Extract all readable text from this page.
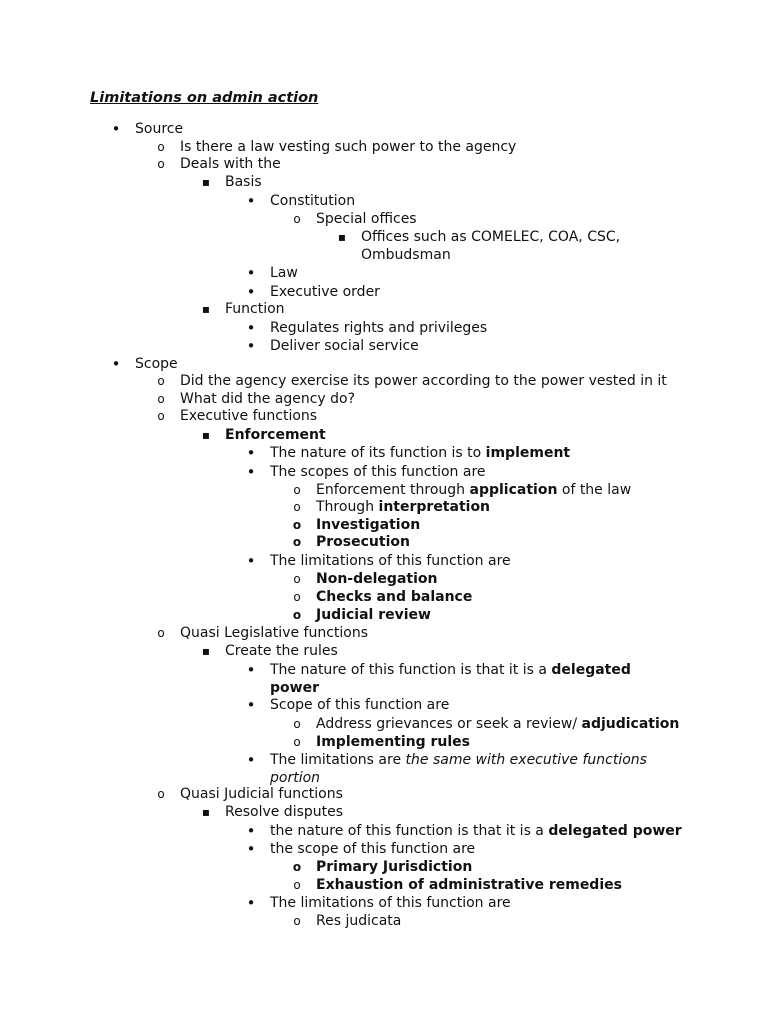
Limitations on admin action

•
Source
o
Is there a law vesting such power to the agency
o
Deals with the
▪
Basis
•
Constitution
o
Special offices
▪
Offices such as COMELEC, COA, CSC,
Ombudsman
•
Law
•
Executive order
▪
Function
•
Regulates rights and privileges
•
Deliver social service
•
Scope
o
Did the agency exercise its power according to the power vested in it
o
What did the agency do?
o
Executive functions
▪
Enforcement
•
The nature of its function is to implement
•
The scopes of this function are
o
Enforcement through application of the law
o
Through interpretation
o
Investigation
o
Prosecution
•
The limitations of this function are
o
Non-delegation
o
Checks and balance
o
Judicial review
o
Quasi Legislative functions
▪
Create the rules
•
The nature of this function is that it is a delegated
power
•
Scope of this function are
o
Address grievances or seek a review/ adjudication
o
Implementing rules
•
The limitations are the same with executive functions
portion
o
Quasi Judicial functions
▪
Resolve disputes
•
the nature of this function is that it is a delegated power
•
the scope of this function are
o
Primary Jurisdiction
o
Exhaustion of administrative remedies
•
The limitations of this function are
o
Res judicata
